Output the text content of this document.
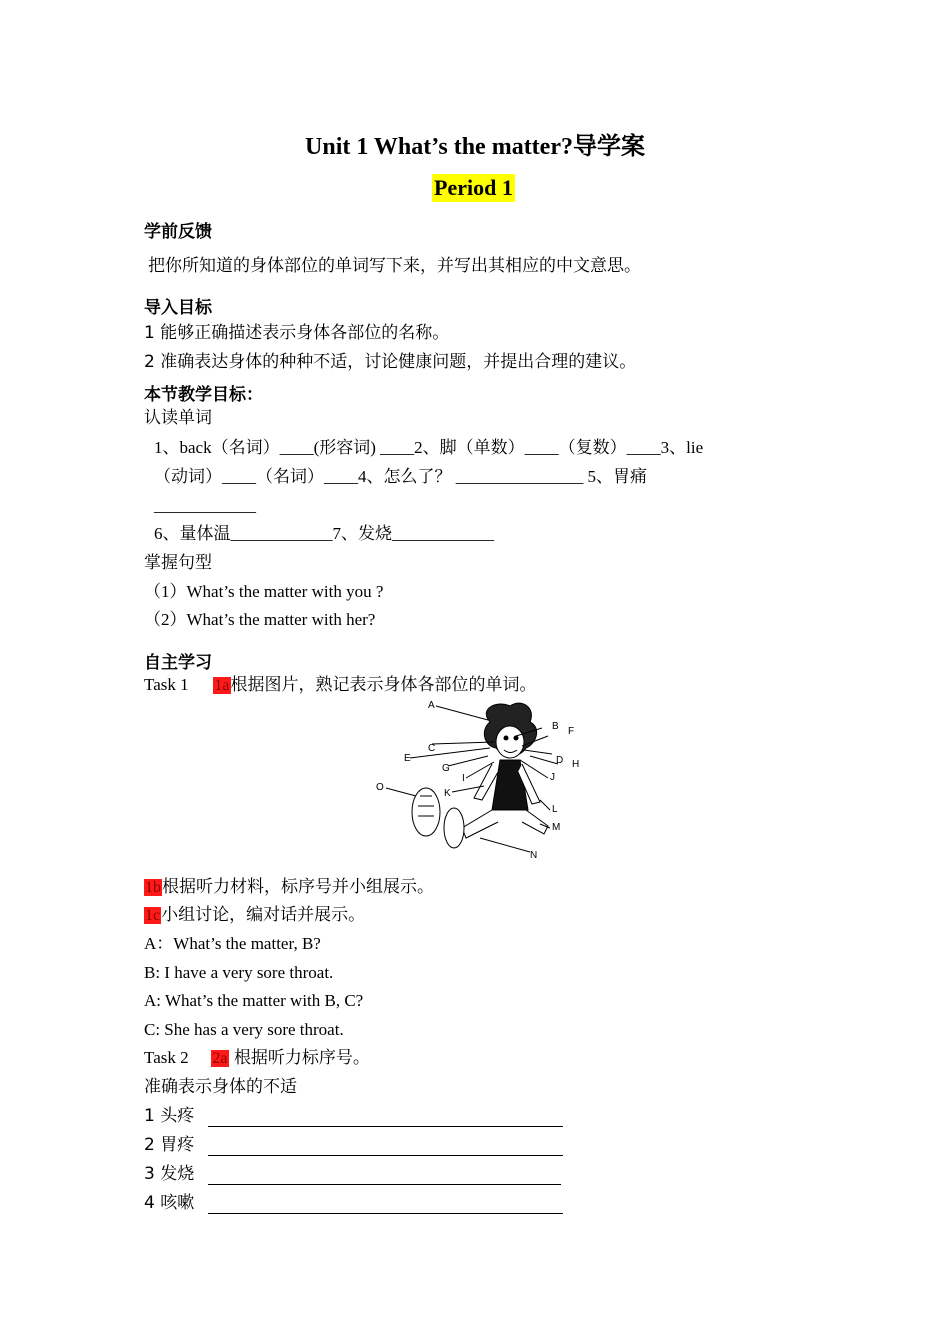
Unit 1 What’s the matter?导学案
Period 1
学前反馈
把你所知道的身体部位的单词写下来，并写出其相应的中文意思。
导入目标
1 能够正确描述表示身体各部位的名称。
2 准确表达身体的种种不适，讨论健康问题，并提出合理的建议。
本节教学目标：
认读单词
1、back（名词）____(形容词) ____2、脚（单数）____（复数）____3、lie
（动词）____（名词）____4、怎么了？ _______________ 5、胃痛
____________
6、量体温____________7、发烧____________
掌握句型
（1）What’s the matter with you ?
（2）What’s the matter with her?
自主学习
Task 1 1a根据图片，熟记表示身体各部位的单词。
A
B
C
D
E
F
G	H
I	J
K
L
M
N
O
1b根据听力材料，标序号并小组展示。
1c小组讨论，编对话并展示。
A：What’s the matter, B?
B: I have a very sore throat.
A: What’s the matter with B, C?
C: She has a very sore throat.
Task 2 2a 根据听力标序号。
准确表示身体的不适
1 头疼
2 胃疼
3 发烧
4 咳嗽
